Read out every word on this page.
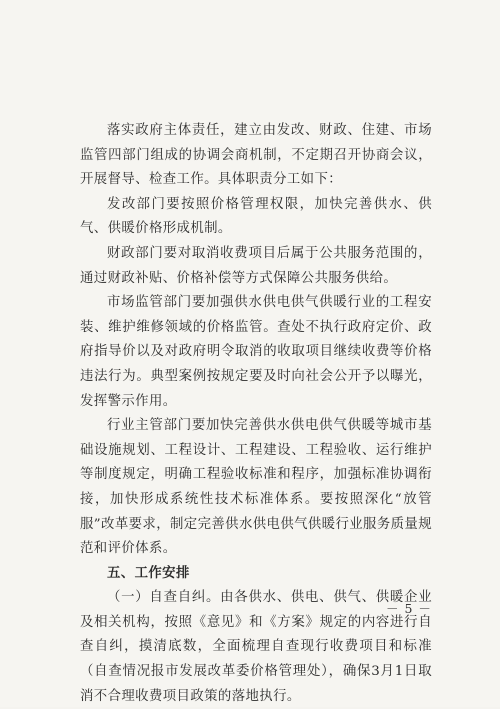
落实政府主体责任，建立由发改、财政、住建、市场监管四部门组成的协调会商机制，不定期召开协商会议，开展督导、检查工作。具体职责分工如下：

发改部门要按照价格管理权限，加快完善供水、供气、供暖价格形成机制。

财政部门要对取消收费项目后属于公共服务范围的，通过财政补贴、价格补偿等方式保障公共服务供给。

市场监管部门要加强供水供电供气供暖行业的工程安装、维护维修领域的价格监管。查处不执行政府定价、政府指导价以及对政府明令取消的收取项目继续收费等价格违法行为。典型案例按规定要及时向社会公开予以曝光，发挥警示作用。

行业主管部门要加快完善供水供电供气供暖等城市基础设施规划、工程设计、工程建设、工程验收、运行维护等制度规定，明确工程验收标准和程序，加强标准协调衔接，加快形成系统性技术标准体系。要按照深化“放管服”改革要求，制定完善供水供电供气供暖行业服务质量规范和评价体系。

五、工作安排

（一）自查自纠。由各供水、供电、供气、供暖企业及相关机构，按照《意见》和《方案》规定的内容进行自查自纠，摸清底数，全面梳理自查现行收费项目和标准（自查情况报市发展改革委价格管理处），确保3月1日取消不合理收费项目政策的落地执行。

－ 5 －
